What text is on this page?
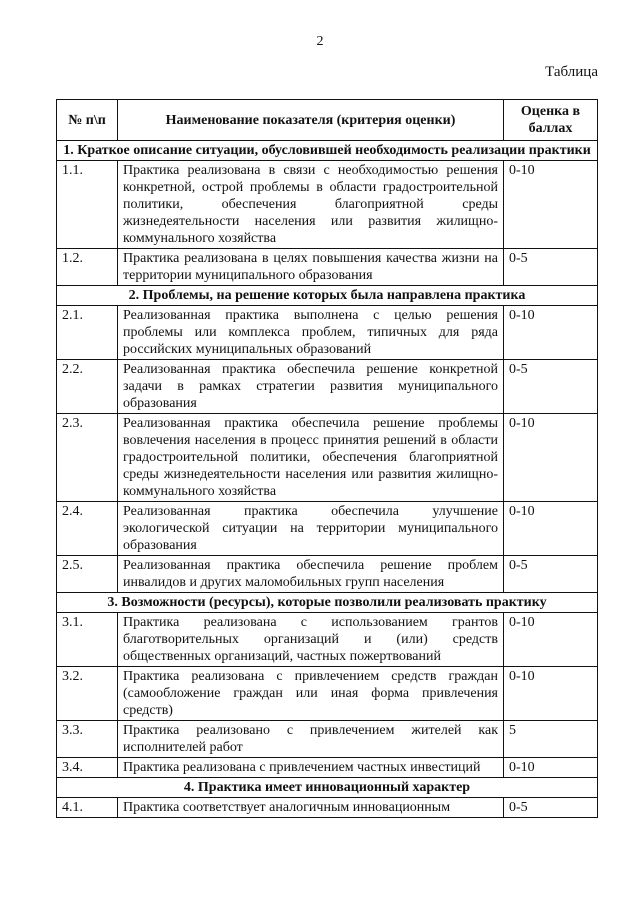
2
Таблица
№ п\п	Наименование показателя (критерия оценки)	Оценка в баллах
1. Краткое описание ситуации, обусловившей необходимость реализации практики		
1.1.	Практика реализована в связи с необходимостью решения конкретной, острой проблемы в области градостроительной политики, обеспечения благоприятной среды жизнедеятельности населения или развития жилищно-коммунального хозяйства	0-10
1.2.	Практика реализована в целях повышения качества жизни на территории муниципального образования	0-5
2. Проблемы, на решение которых была направлена практика		
2.1.	Реализованная практика выполнена с целью решения проблемы или комплекса проблем, типичных для ряда российских муниципальных образований	0-10
2.2.	Реализованная практика обеспечила решение конкретной задачи в рамках стратегии развития муниципального образования	0-5
2.3.	Реализованная практика обеспечила решение проблемы вовлечения населения в процесс принятия решений в области градостроительной политики, обеспечения благоприятной среды жизнедеятельности населения или развития жилищно-коммунального хозяйства	0-10
2.4.	Реализованная практика обеспечила улучшение экологической ситуации на территории муниципального образования	0-10
2.5.	Реализованная практика обеспечила решение проблем инвалидов и других маломобильных групп населения	0-5
3. Возможности (ресурсы), которые позволили реализовать практику		
3.1.	Практика реализована с использованием грантов благотворительных организаций и (или) средств общественных организаций, частных пожертвований	0-10
3.2.	Практика реализована с привлечением средств граждан (самообложение граждан или иная форма привлечения средств)	0-10
3.3.	Практика реализовано с привлечением жителей как исполнителей работ	5
3.4.	Практика реализована с привлечением частных инвестиций	0-10
4. Практика имеет инновационный характер		
4.1.	Практика соответствует аналогичным инновационным	0-5
